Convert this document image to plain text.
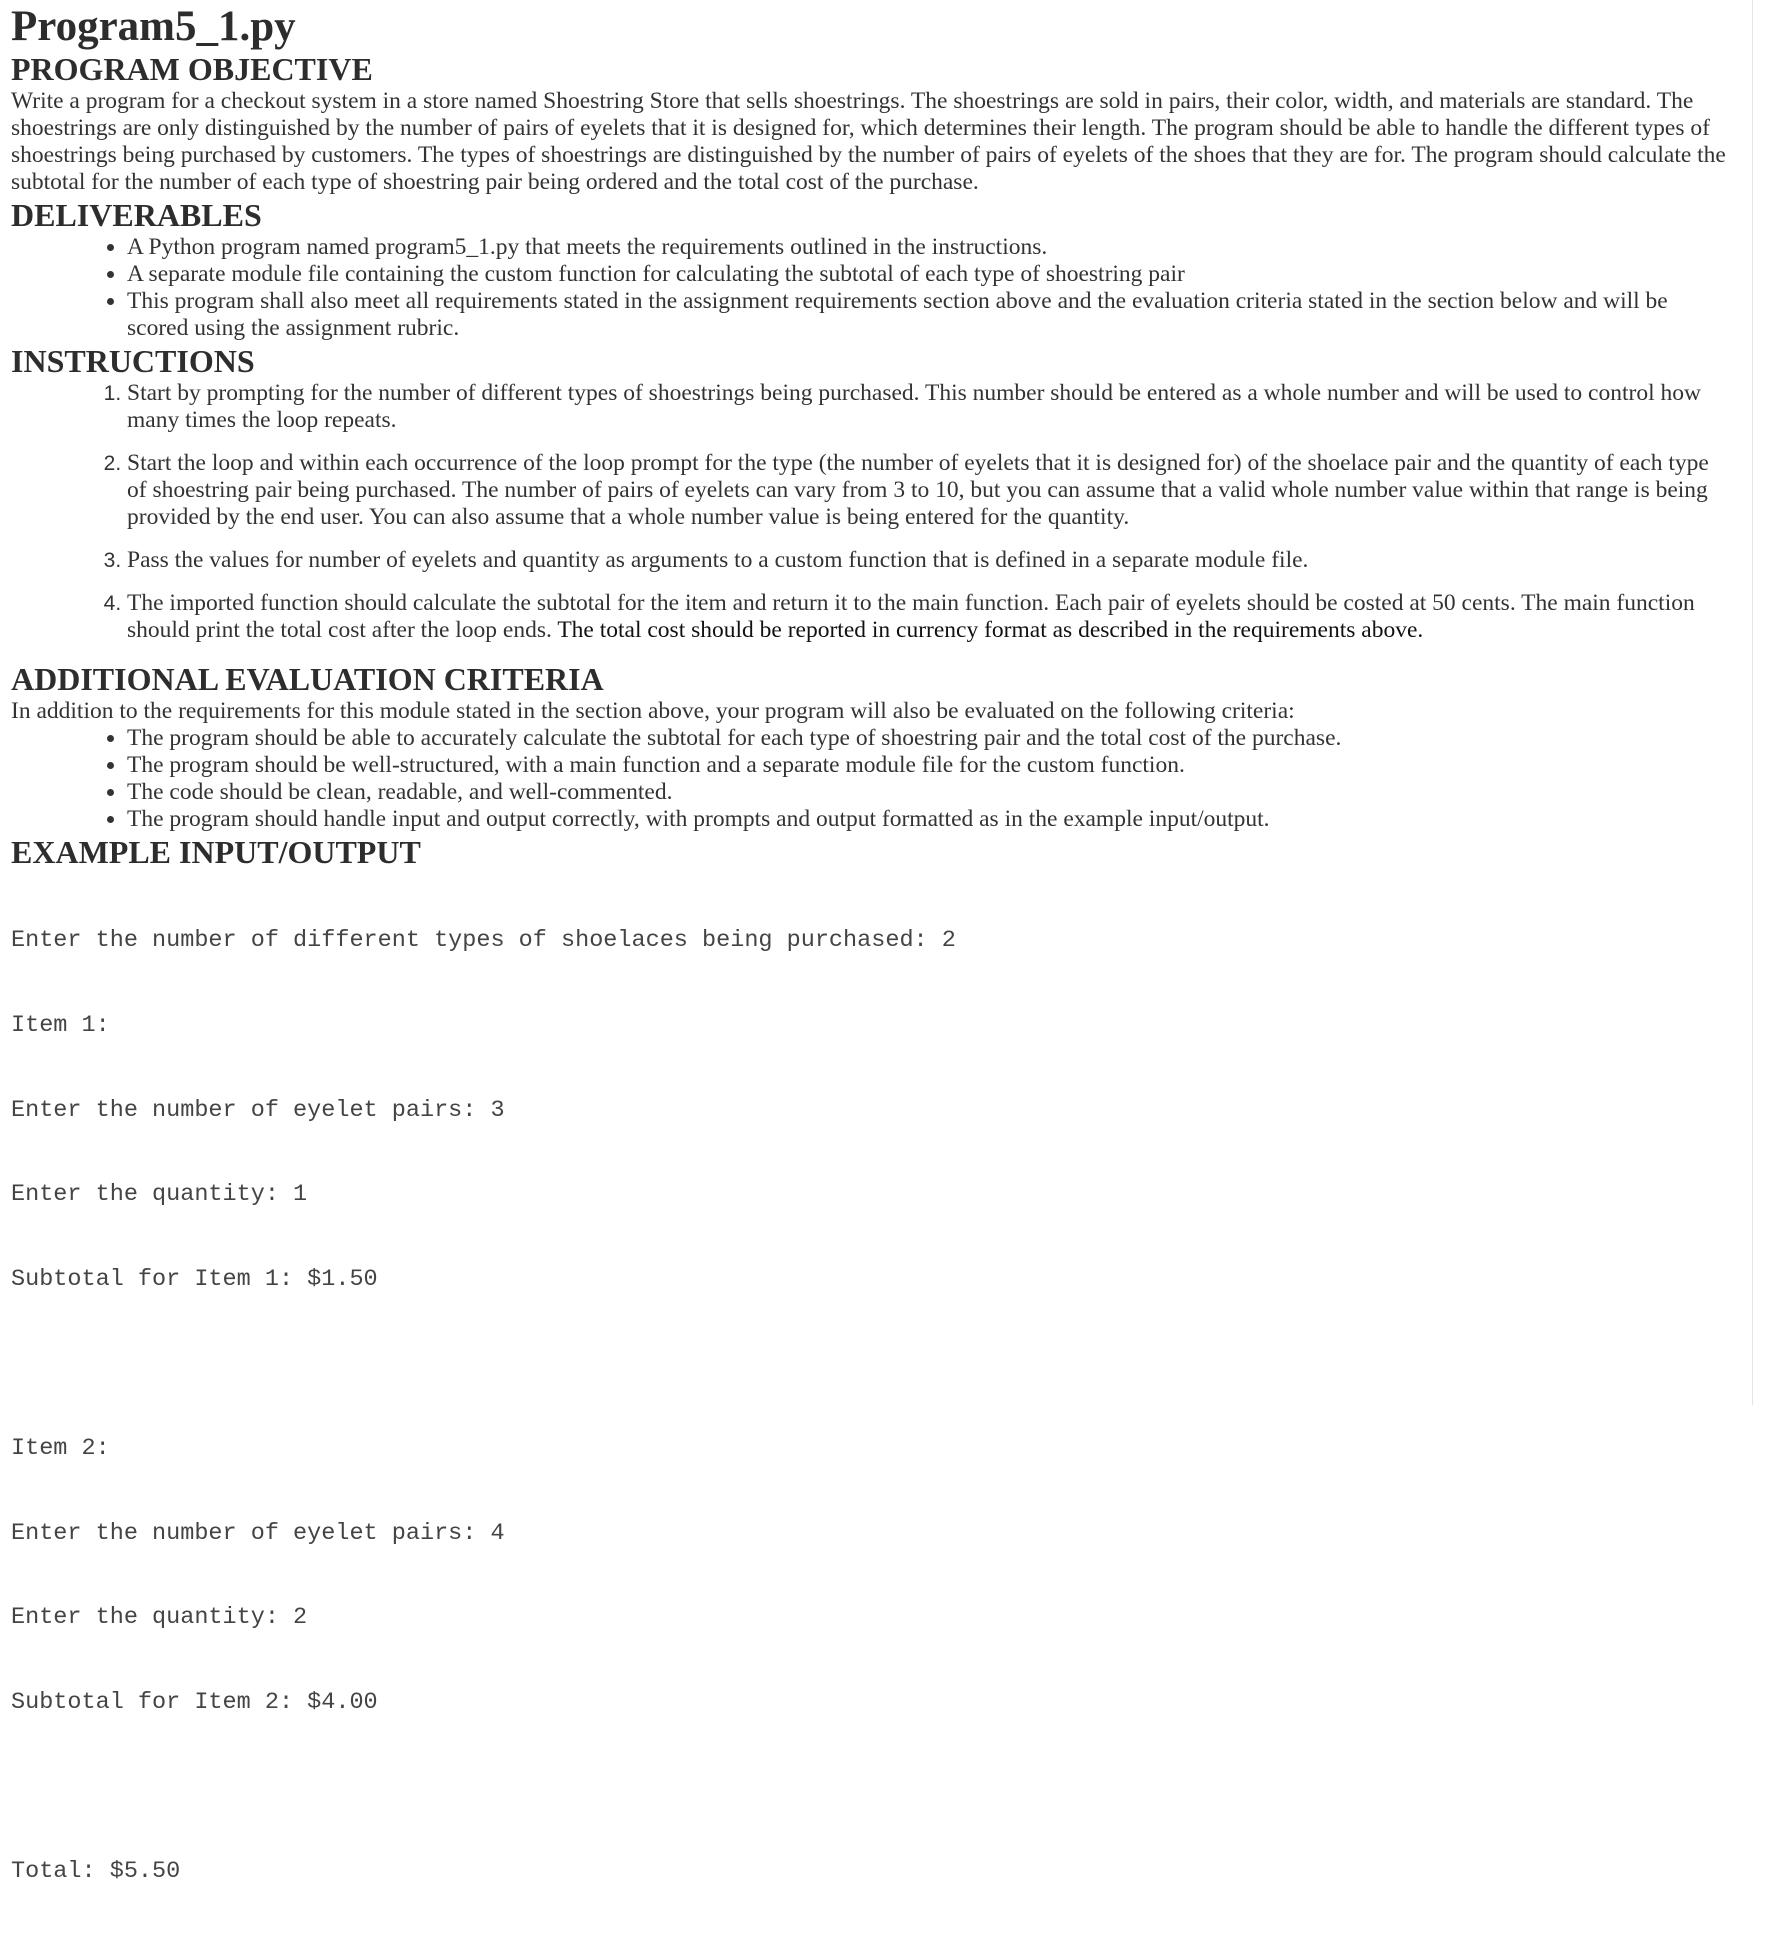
Program5_1.py
PROGRAM OBJECTIVE

Write a program for a checkout system in a store named Shoestring Store that sells shoestrings. The shoestrings are sold in pairs, their color, width, and materials are standard. The shoestrings are only distinguished by the number of pairs of eyelets that it is designed for, which determines their length. The program should be able to handle the different types of shoestrings being purchased by customers. The types of shoestrings are distinguished by the number of pairs of eyelets of the shoes that they are for. The program should calculate the subtotal for the number of each type of shoestring pair being ordered and the total cost of the purchase.

DELIVERABLES
• A Python program named program5_1.py that meets the requirements outlined in the instructions.
• A separate module file containing the custom function for calculating the subtotal of each type of shoestring pair
• This program shall also meet all requirements stated in the assignment requirements section above and the evaluation criteria stated in the section below and will be scored using the assignment rubric.
INSTRUCTIONS
1. Start by prompting for the number of different types of shoestrings being purchased. This number should be entered as a whole number and will be used to control how many times the loop repeats.
2. Start the loop and within each occurrence of the loop prompt for the type (the number of eyelets that it is designed for) of the shoelace pair and the quantity of each type of shoestring pair being purchased. The number of pairs of eyelets can vary from 3 to 10, but you can assume that a valid whole number value within that range is being provided by the end user. You can also assume that a whole number value is being entered for the quantity.
3. Pass the values for number of eyelets and quantity as arguments to a custom function that is defined in a separate module file.
4. The imported function should calculate the subtotal for the item and return it to the main function. Each pair of eyelets should be costed at 50 cents. The main function should print the total cost after the loop ends. The total cost should be reported in currency format as described in the requirements above.
ADDITIONAL EVALUATION CRITERIA

In addition to the requirements for this module stated in the section above, your program will also be evaluated on the following criteria:

• The program should be able to accurately calculate the subtotal for each type of shoestring pair and the total cost of the purchase.
• The program should be well-structured, with a main function and a separate module file for the custom function.
• The code should be clean, readable, and well-commented.
• The program should handle input and output correctly, with prompts and output formatted as in the example input/output.
EXAMPLE INPUT/OUTPUT

Enter the number of different types of shoelaces being purchased: 2

Item 1:

Enter the number of eyelet pairs: 3

Enter the quantity: 1

Subtotal for Item 1: $1.50

Item 2:

Enter the number of eyelet pairs: 4

Enter the quantity: 2

Subtotal for Item 2: $4.00

Total: $5.50
